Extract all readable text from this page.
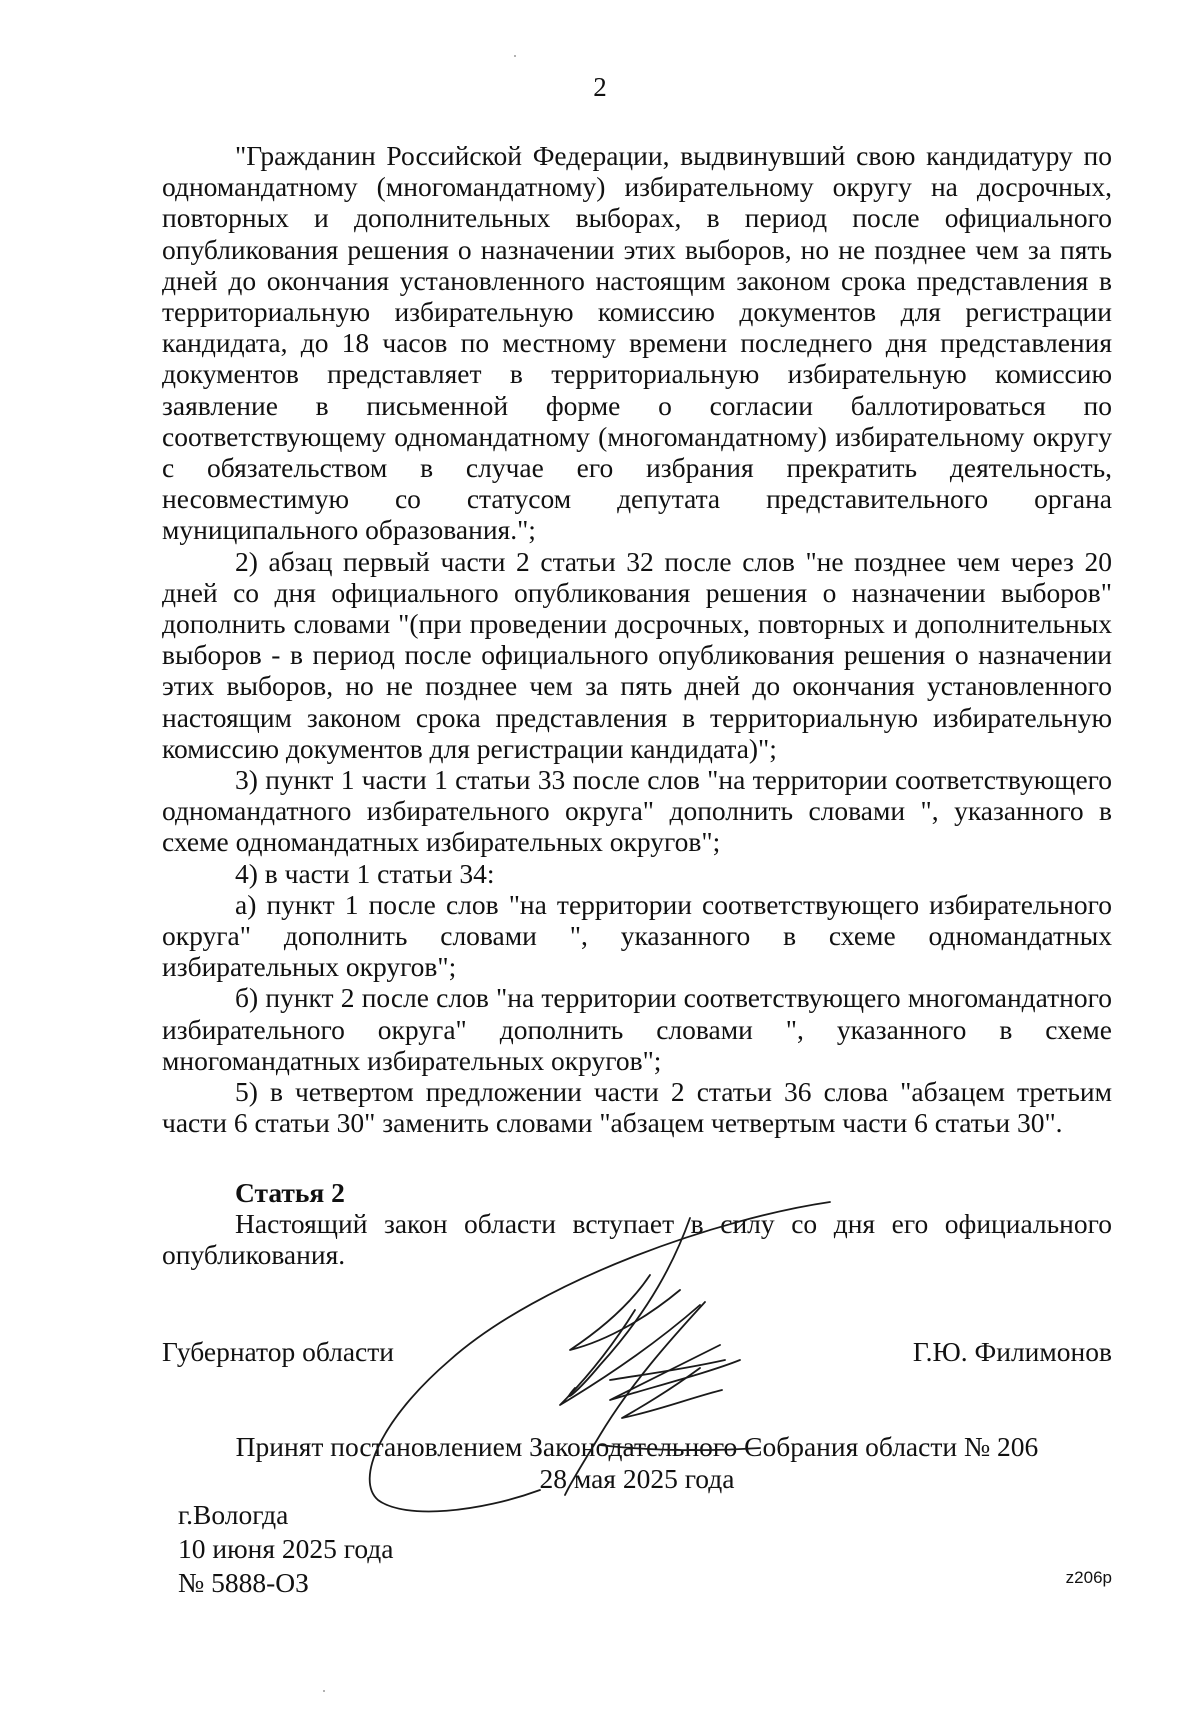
2

"Гражданин Российской Федерации, выдвинувший свою кандидатуру по одномандатному (многомандатному) избирательному округу на досрочных, повторных и дополнительных выборах, в период после официального опубликования решения о назначении этих выборов, но не позднее чем за пять дней до окончания установленного настоящим законом срока представления в территориальную избирательную комиссию документов для регистрации кандидата, до 18 часов по местному времени последнего дня представления документов представляет в территориальную избирательную комиссию заявление в письменной форме о согласии баллотироваться по соответствующему одномандатному (многомандатному) избирательному округу с обязательством в случае его избрания прекратить деятельность, несовместимую со статусом депутата представительного органа муниципального образования.";

2) абзац первый части 2 статьи 32 после слов "не позднее чем через 20 дней со дня официального опубликования решения о назначении выборов" дополнить словами "(при проведении досрочных, повторных и дополнительных выборов - в период после официального опубликования решения о назначении этих выборов, но не позднее чем за пять дней до окончания установленного настоящим законом срока представления в территориальную избирательную комиссию документов для регистрации кандидата)";

3) пункт 1 части 1 статьи 33 после слов "на территории соответствующего одномандатного избирательного округа" дополнить словами ", указанного в схеме одномандатных избирательных округов";

4) в части 1 статьи 34:

а) пункт 1 после слов "на территории соответствующего избирательного округа" дополнить словами ", указанного в схеме одномандатных избирательных округов";

б) пункт 2 после слов "на территории соответствующего многомандатного избирательного округа" дополнить словами ", указанного в схеме многомандатных избирательных округов";

5) в четвертом предложении части 2 статьи 36 слова "абзацем третьим части 6 статьи 30" заменить словами "абзацем четвертым части 6 статьи 30".

Статья 2

Настоящий закон области вступает в силу со дня его официального опубликования.

Губернатор области	Г.Ю. Филимонов
Принят постановлением Законодательного Собрания области № 206
28 мая 2025 года
г.Вологда
10 июня 2025 года
№ 5888-ОЗ	z206р
